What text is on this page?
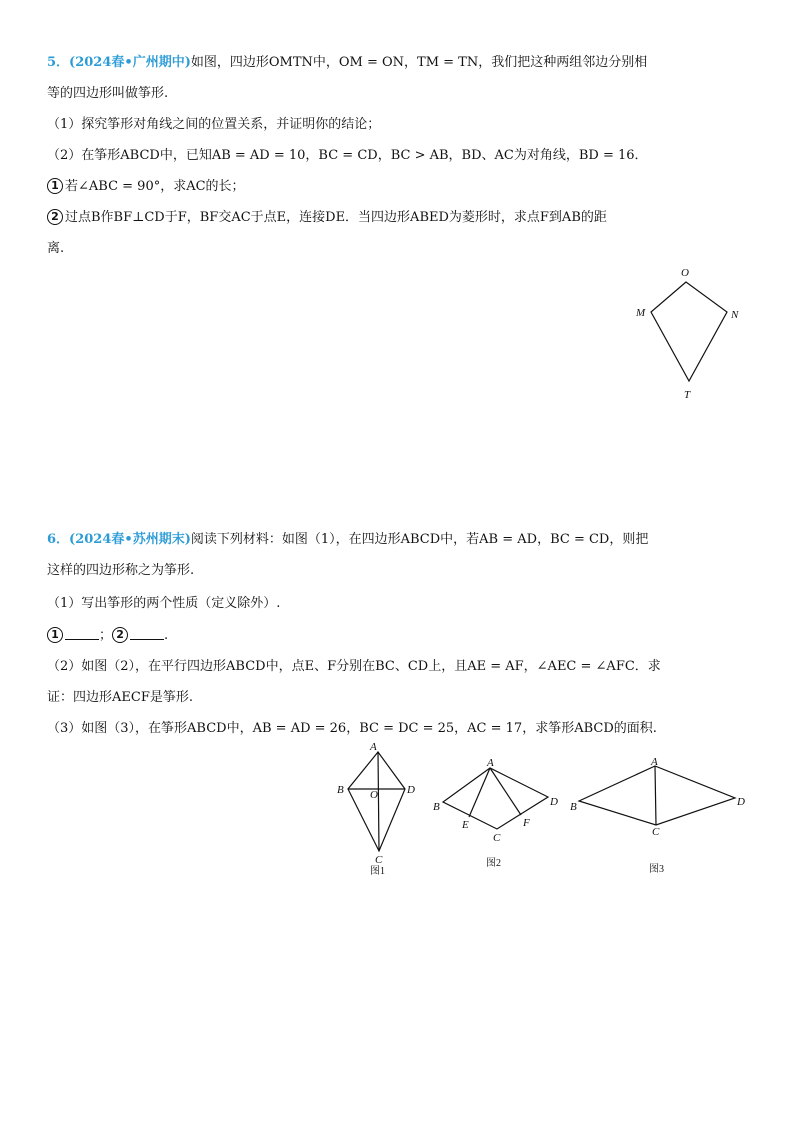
5．(2024春•广州期中)如图，四边形OMTN中，OM = ON，TM = TN，我们把这种两组邻边分别相
等的四边形叫做筝形.
（1）探究筝形对角线之间的位置关系，并证明你的结论；
（2）在筝形ABCD中，已知AB = AD = 10，BC = CD，BC > AB，BD、AC为对角线，BD = 16．
1 若∠ABC = 90°，求AC的长；
2 过点B作BF⊥CD于F，BF交AC于点E，连接DE．当四边形ABED为菱形时，求点F到AB的距
离.
6．(2024春•苏州期末)阅读下列材料：如图（1），在四边形ABCD中，若AB = AD，BC = CD，则把
这样的四边形称之为筝形.
（1）写出筝形的两个性质（定义除外）.
1	； 2	.
（2）如图（2），在平行四边形ABCD中，点E、F分别在BC、CD上，且AE = AF，∠AEC = ∠AFC．求
证：四边形AECF是筝形.
（3）如图（3），在筝形ABCD中，AB = AD = 26，BC = DC = 25，AC = 17，求筝形ABCD的面积.
O
M	N
T
A
B O	D
C
图1
A
B
E
C
F
D
图2
A
B
C
D
图3
